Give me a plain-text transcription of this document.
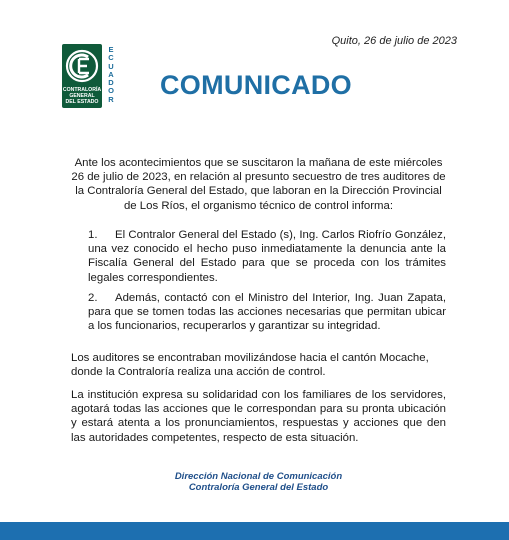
Quito, 26 de julio de 2023
CONTRALORÍA
GENERAL
DEL ESTADO
E
C
U
A
D
O
R COMUNICADO
Ante los acontecimientos que se suscitaron la mañana de este miércoles 26 de julio de 2023, en relación al presunto secuestro de tres auditores de la Contraloría General del Estado, que laboran en la Dirección Provincial de Los Ríos, el organismo técnico de control informa:
1. El Contralor General del Estado (s), Ing. Carlos Riofrío González, una vez conocido el hecho puso inmediatamente la denuncia ante la Fiscalía General del Estado para que se proceda con los trámites legales correspondientes.
2. Además, contactó con el Ministro del Interior, Ing. Juan Zapata, para que se tomen todas las acciones necesarias que permitan ubicar a los funcionarios, recuperarlos y garantizar su integridad.
Los auditores se encontraban movilizándose hacia el cantón Mocache, donde la Contraloría realiza una acción de control.
La institución expresa su solidaridad con los familiares de los servidores, agotará todas las acciones que le correspondan para su pronta ubicación y estará atenta a los pronunciamientos, respuestas y acciones que den las autoridades competentes, respecto de esta situación.
Dirección Nacional de Comunicación
Contraloría General del Estado
